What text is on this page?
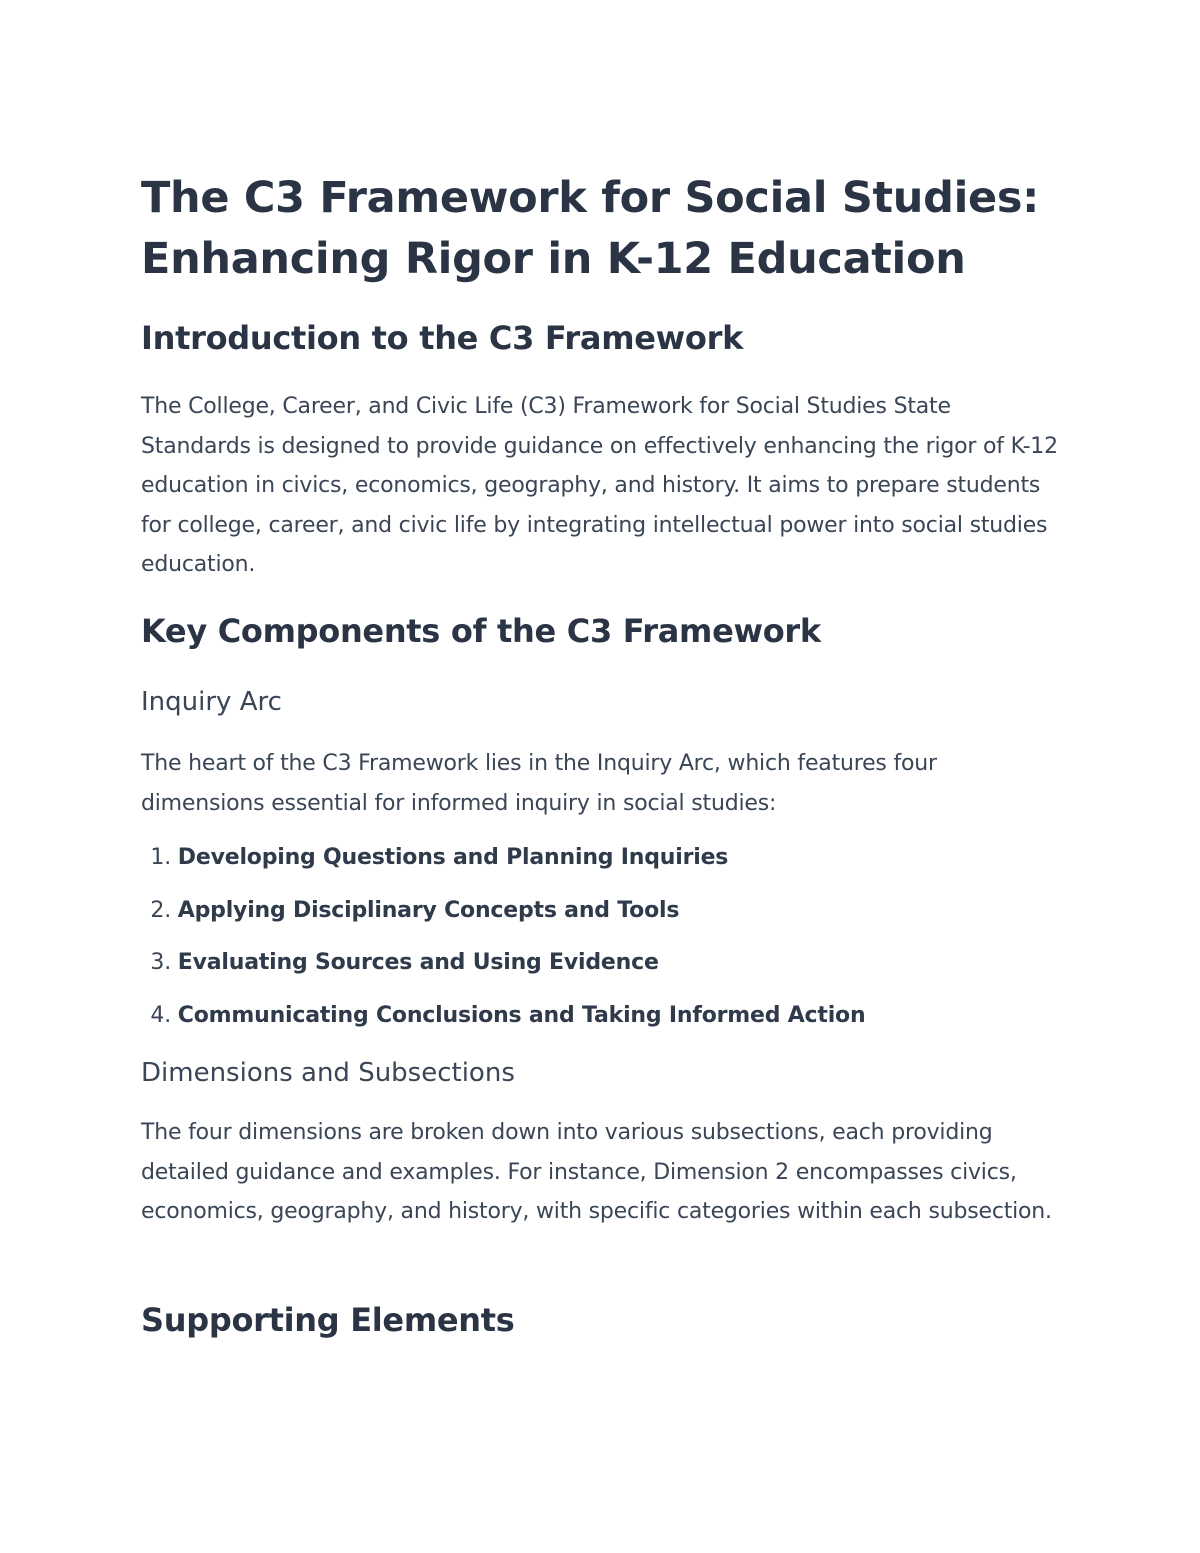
The C3 Framework for Social Studies: Enhancing Rigor in K-12 Education
Introduction to the C3 Framework

The College, Career, and Civic Life (C3) Framework for Social Studies State Standards is designed to provide guidance on effectively enhancing the rigor of K-12 education in civics, economics, geography, and history. It aims to prepare students for college, career, and civic life by integrating intellectual power into social studies education.

Key Components of the C3 Framework
Inquiry Arc

The heart of the C3 Framework lies in the Inquiry Arc, which features four dimensions essential for informed inquiry in social studies:

1. Developing Questions and Planning Inquiries
2. Applying Disciplinary Concepts and Tools
3. Evaluating Sources and Using Evidence
4. Communicating Conclusions and Taking Informed Action
Dimensions and Subsections

The four dimensions are broken down into various subsections, each providing detailed guidance and examples. For instance, Dimension 2 encompasses civics, economics, geography, and history, with specific categories within each subsection.

Supporting Elements
